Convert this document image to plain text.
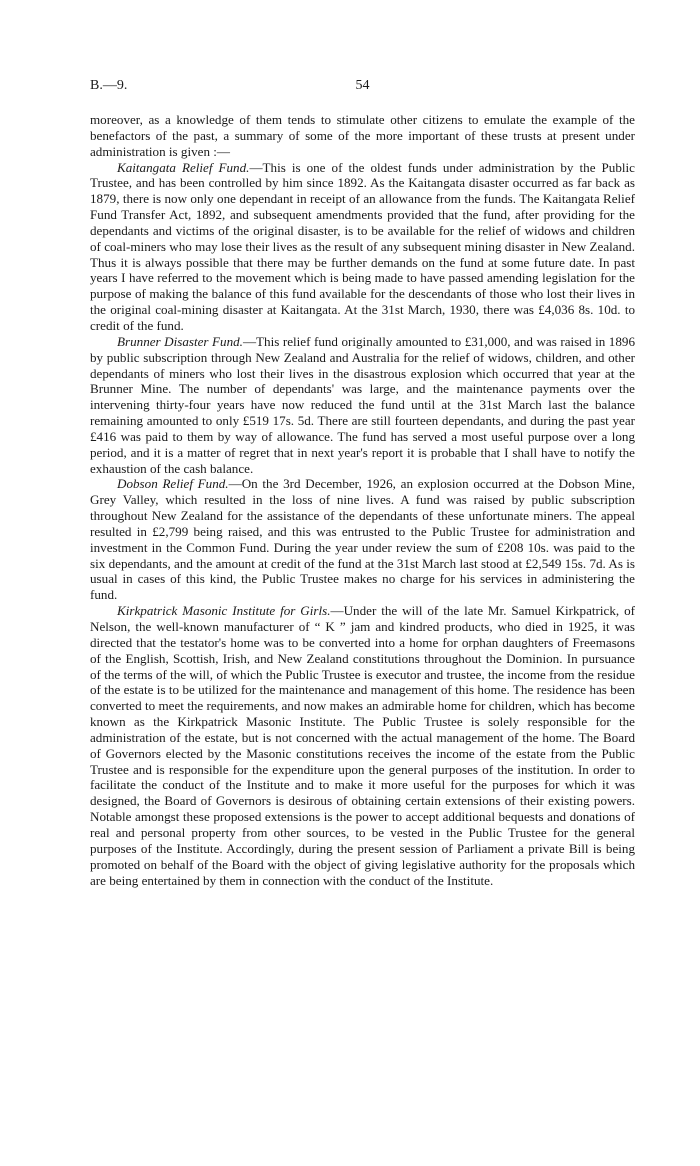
B.—9.	54

moreover, as a knowledge of them tends to stimulate other citizens to emulate the example of the benefactors of the past, a summary of some of the more important of these trusts at present under administration is given :—

Kaitangata Relief Fund.—This is one of the oldest funds under administration by the Public Trustee, and has been controlled by him since 1892. As the Kaitangata disaster occurred as far back as 1879, there is now only one dependant in receipt of an allowance from the funds. The Kaitangata Relief Fund Transfer Act, 1892, and subsequent amendments provided that the fund, after providing for the dependants and victims of the original disaster, is to be available for the relief of widows and children of coal-miners who may lose their lives as the result of any subsequent mining disaster in New Zealand. Thus it is always possible that there may be further demands on the fund at some future date. In past years I have referred to the movement which is being made to have passed amending legislation for the purpose of making the balance of this fund available for the descendants of those who lost their lives in the original coal-mining disaster at Kaitangata. At the 31st March, 1930, there was £4,036 8s. 10d. to credit of the fund.

Brunner Disaster Fund.—This relief fund originally amounted to £31,000, and was raised in 1896 by public subscription through New Zealand and Australia for the relief of widows, children, and other dependants of miners who lost their lives in the disastrous explosion which occurred that year at the Brunner Mine. The number of dependants' was large, and the maintenance payments over the intervening thirty-four years have now reduced the fund until at the 31st March last the balance remaining amounted to only £519 17s. 5d. There are still fourteen dependants, and during the past year £416 was paid to them by way of allowance. The fund has served a most useful purpose over a long period, and it is a matter of regret that in next year's report it is probable that I shall have to notify the exhaustion of the cash balance.

Dobson Relief Fund.—On the 3rd December, 1926, an explosion occurred at the Dobson Mine, Grey Valley, which resulted in the loss of nine lives. A fund was raised by public subscription throughout New Zealand for the assistance of the dependants of these unfortunate miners. The appeal resulted in £2,799 being raised, and this was entrusted to the Public Trustee for administration and investment in the Common Fund. During the year under review the sum of £208 10s. was paid to the six dependants, and the amount at credit of the fund at the 31st March last stood at £2,549 15s. 7d. As is usual in cases of this kind, the Public Trustee makes no charge for his services in administering the fund.

Kirkpatrick Masonic Institute for Girls.—Under the will of the late Mr. Samuel Kirkpatrick, of Nelson, the well-known manufacturer of “ K ” jam and kindred products, who died in 1925, it was directed that the testator's home was to be converted into a home for orphan daughters of Freemasons of the English, Scottish, Irish, and New Zealand constitutions throughout the Dominion. In pursuance of the terms of the will, of which the Public Trustee is executor and trustee, the income from the residue of the estate is to be utilized for the maintenance and management of this home. The residence has been converted to meet the requirements, and now makes an admirable home for children, which has become known as the Kirkpatrick Masonic Institute. The Public Trustee is solely responsible for the administration of the estate, but is not concerned with the actual management of the home. The Board of Governors elected by the Masonic constitutions receives the income of the estate from the Public Trustee and is responsible for the expenditure upon the general purposes of the institution. In order to facilitate the conduct of the Institute and to make it more useful for the purposes for which it was designed, the Board of Governors is desirous of obtaining certain extensions of their existing powers. Notable amongst these proposed extensions is the power to accept additional bequests and donations of real and personal property from other sources, to be vested in the Public Trustee for the general purposes of the Institute. Accordingly, during the present session of Parliament a private Bill is being promoted on behalf of the Board with the object of giving legislative authority for the proposals which are being entertained by them in connection with the conduct of the Institute.
